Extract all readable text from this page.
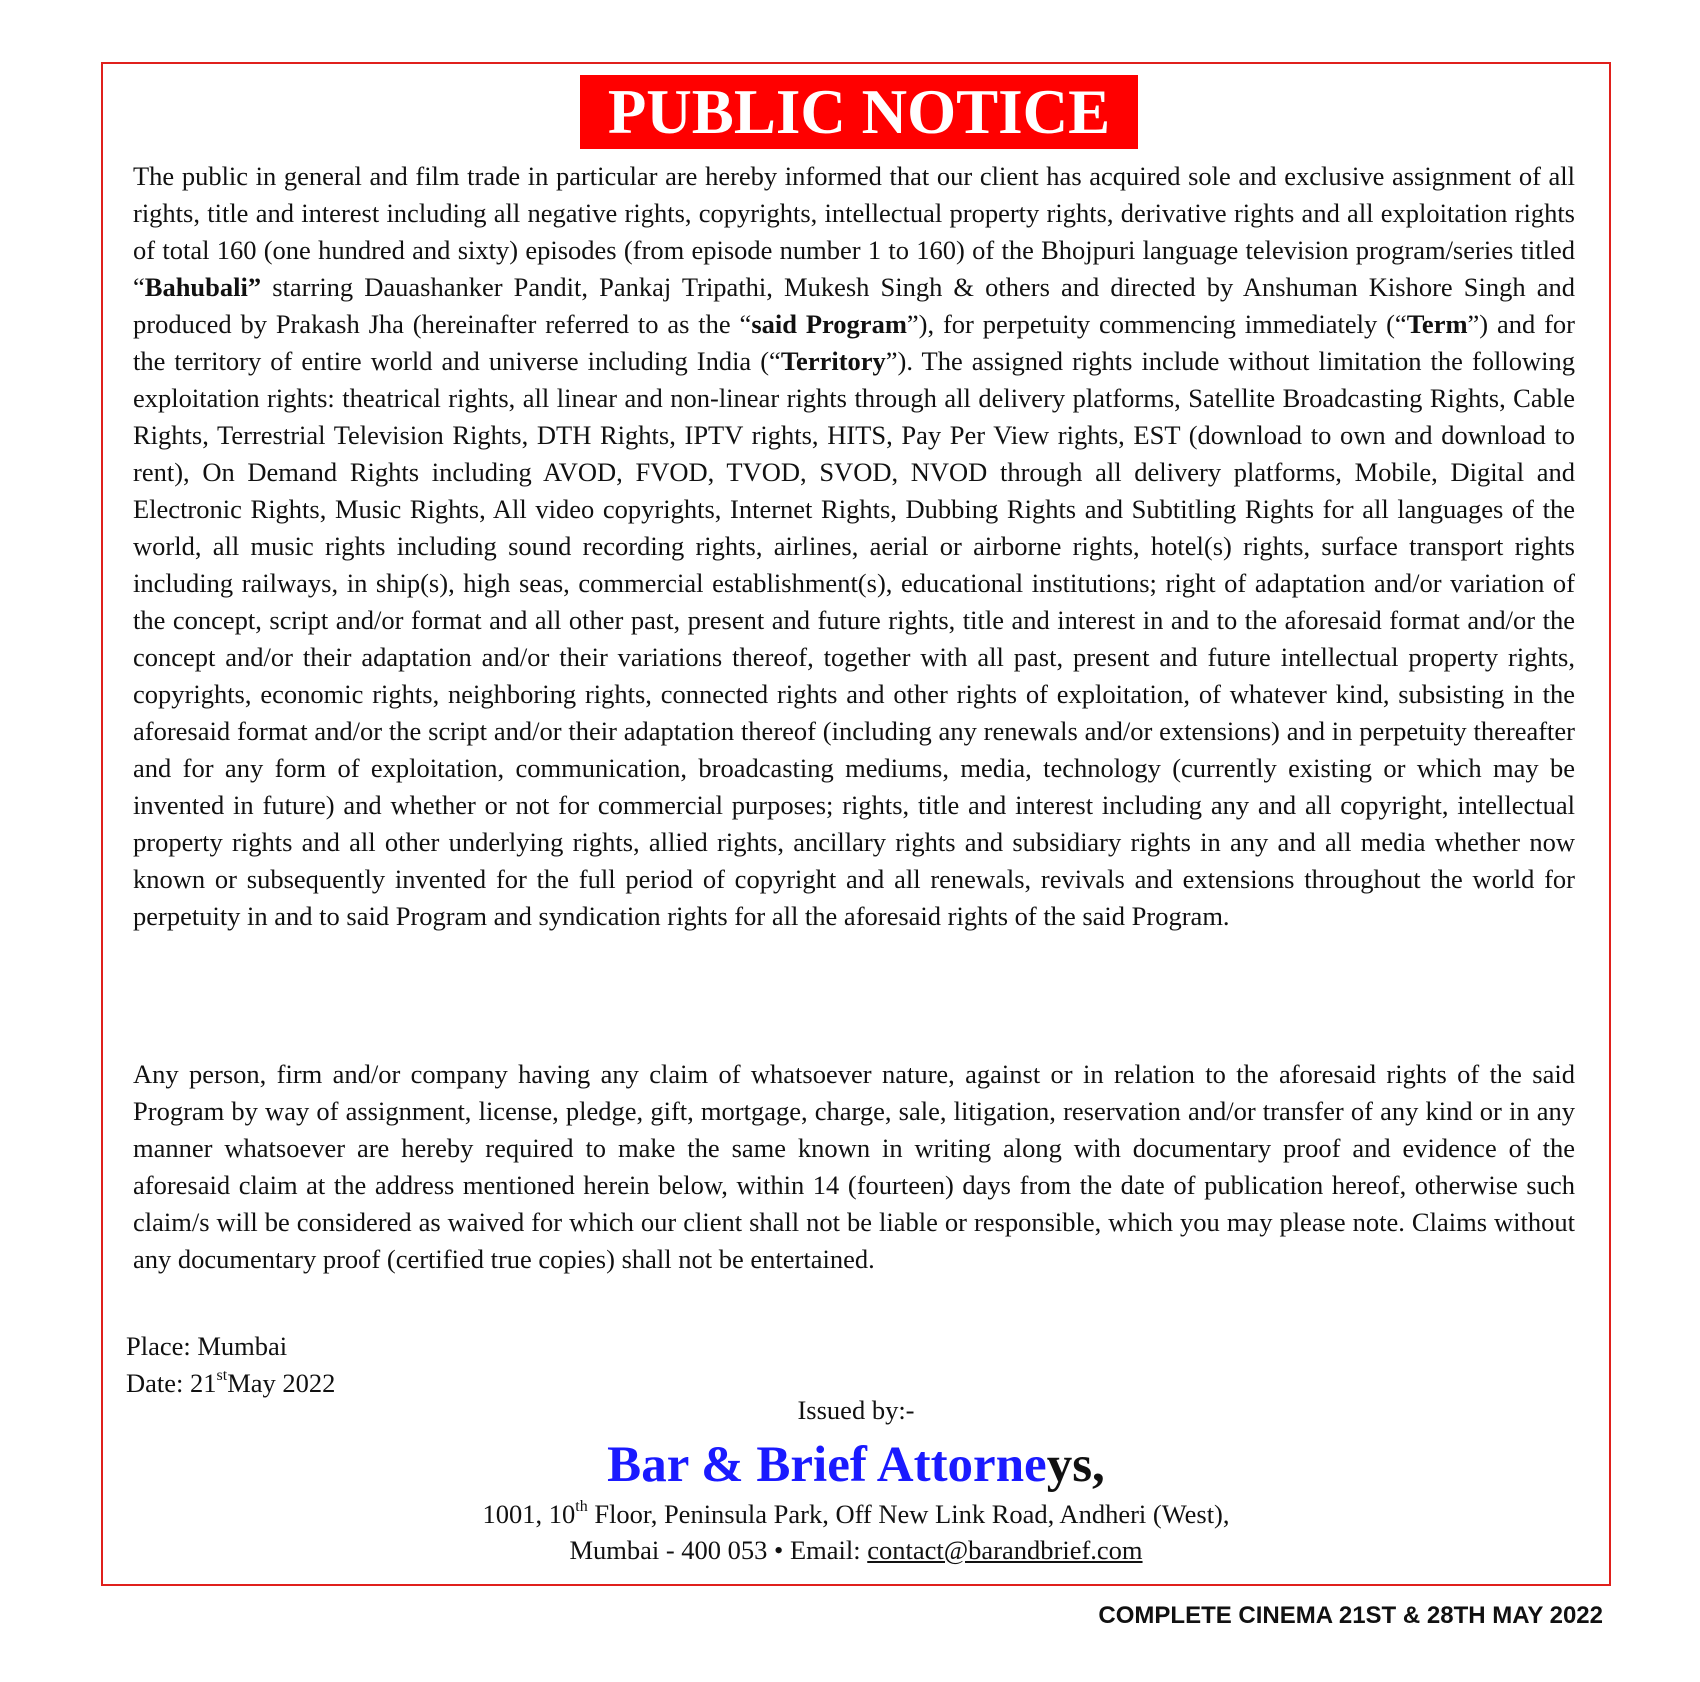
PUBLIC NOTICE

The public in general and film trade in particular are hereby informed that our client has acquired sole and exclusive assignment of all rights, title and interest including all negative rights, copyrights, intellectual property rights, derivative rights and all exploitation rights of total 160 (one hundred and sixty) episodes (from episode number 1 to 160) of the Bhojpuri language television program/series titled “Bahubali” starring Dauashanker Pandit, Pankaj Tripathi, Mukesh Singh & others and directed by Anshuman Kishore Singh and produced by Prakash Jha (hereinafter referred to as the “said Program”), for perpetuity commencing immediately (“Term”) and for the territory of entire world and universe including India (“Territory”). The assigned rights include without limitation the following exploitation rights: theatrical rights, all linear and non-linear rights through all delivery platforms, Satellite Broadcasting Rights, Cable Rights, Terrestrial Television Rights, DTH Rights, IPTV rights, HITS, Pay Per View rights, EST (download to own and download to rent), On Demand Rights including AVOD, FVOD, TVOD, SVOD, NVOD through all delivery platforms, Mobile, Digital and Electronic Rights, Music Rights, All video copyrights, Internet Rights, Dubbing Rights and Subtitling Rights for all languages of the world, all music rights including sound recording rights, airlines, aerial or airborne rights, hotel(s) rights, surface transport rights including railways, in ship(s), high seas, commercial establishment(s), educational institutions; right of adaptation and/or variation of the concept, script and/or format and all other past, present and future rights, title and interest in and to the aforesaid format and/or the concept and/or their adaptation and/or their variations thereof, together with all past, present and future intellectual property rights, copyrights, economic rights, neighboring rights, connected rights and other rights of exploitation, of whatever kind, subsisting in the aforesaid format and/or the script and/or their adaptation thereof (including any renewals and/or extensions) and in perpetuity thereafter and for any form of exploitation, communication, broadcasting mediums, media, technology (currently existing or which may be invented in future) and whether or not for commercial purposes; rights, title and interest including any and all copyright, intellectual property rights and all other underlying rights, allied rights, ancillary rights and subsidiary rights in any and all media whether now known or subsequently invented for the full period of copyright and all renewals, revivals and extensions throughout the world for perpetuity in and to said Program and syndication rights for all the aforesaid rights of the said Program.

Any person, firm and/or company having any claim of whatsoever nature, against or in relation to the aforesaid rights of the said Program by way of assignment, license, pledge, gift, mortgage, charge, sale, litigation, reservation and/or transfer of any kind or in any manner whatsoever are hereby required to make the same known in writing along with documentary proof and evidence of the aforesaid claim at the address mentioned herein below, within 14 (fourteen) days from the date of publication hereof, otherwise such claim/s will be considered as waived for which our client shall not be liable or responsible, which you may please note. Claims without any documentary proof (certified true copies) shall not be entertained.

Place: Mumbai
Date: 21stMay 2022
Issued by:-
Bar & Brief Attorneys,
1001, 10th Floor, Peninsula Park, Off New Link Road, Andheri (West),
Mumbai - 400 053 • Email: contact@barandbrief.com
COMPLETE CINEMA 21ST & 28TH MAY 2022
